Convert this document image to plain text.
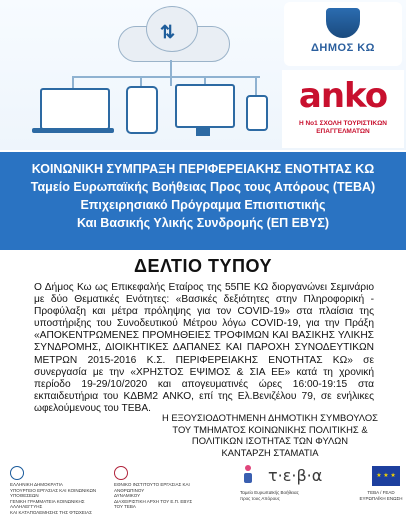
⇅
ΔΗΜΟΣ ΚΩ
anko
Η Νο1 ΣΧΟΛΗ ΤΟΥΡΙΣΤΙΚΩΝ
ΕΠΑΓΓΕΛΜΑΤΩΝ
ΚΟΙΝΩΝΙΚΗ ΣΥΜΠΡΑΞΗ ΠΕΡΙΦΕΡΕΙΑΚΗΣ ΕΝΟΤΗΤΑΣ ΚΩ
Ταμείο Ευρωπαϊκής Βοήθειας Προς τους Απόρους (ΤΕΒΑ)
Επιχειρησιακό Πρόγραμμα Επισιτιστικής
Και Βασικής Υλικής Συνδρομής (ΕΠ ΕΒΥΣ)
ΔΕΛΤΙΟ ΤΥΠΟΥ
Ο Δήμος Κω ως Επικεφαλής Εταίρος της 55ΠΕ ΚΩ διοργανώνει Σεμινάριο με δύο Θεματικές Ενότητες: «Βασικές δεξιότητες στην Πληροφορική - Προφύλαξη και μέτρα πρόληψης για τον COVID-19» στα πλαίσια της υποστήριξης του Συνοδευτικού Μέτρου λόγω COVID-19, για την Πράξη «ΑΠΟΚΕΝΤΡΩΜΕΝΕΣ ΠΡΟΜΗΘΕΙΕΣ ΤΡΟΦΙΜΩΝ ΚΑΙ ΒΑΣΙΚΗΣ ΥΛΙΚΗΣ ΣΥΝΔΡΟΜΗΣ, ΔΙΟΙΚΗΤΙΚΕΣ ΔΑΠΑΝΕΣ ΚΑΙ ΠΑΡΟΧΗ ΣΥΝΟΔΕΥΤΙΚΩΝ ΜΕΤΡΩΝ 2015-2016 Κ.Σ. ΠΕΡΙΦΕΡΕΙΑΚΗΣ ΕΝΟΤΗΤΑΣ ΚΩ» σε συνεργασία με την «ΧΡΗΣΤΟΣ ΕΨΙΜΟΣ & ΣΙΑ ΕΕ» κατά τη χρονική περίοδο 19-29/10/2020 και απογευματινές ώρες 16:00-19:15 στα εκπαιδευτήρια του ΚΔΒΜ2 ΑΝΚΟ, επί της Ελ.Βενιζέλου 79, σε ενήλικες ωφελούμενους του ΤΕΒΑ.
Η ΕΞΟΥΣΙΟΔΟΤΗΜΕΝΗ ΔΗΜΟΤΙΚΗ ΣΥΜΒΟΥΛΟΣ
ΤΟΥ ΤΜΗΜΑΤΟΣ ΚΟΙΝΩΝΙΚΗΣ ΠΟΛΙΤΙΚΗΣ &
ΠΟΛΙΤΙΚΩΝ ΙΣΟΤΗΤΑΣ ΤΩΝ ΦΥΛΩΝ
ΚΑΝΤΑΡΖΗ ΣΤΑΜΑΤΙΑ
ΕΛΛΗΝΙΚΗ ΔΗΜΟΚΡΑΤΙΑ
ΥΠΟΥΡΓΕΙΟ ΕΡΓΑΣΙΑΣ ΚΑΙ ΚΟΙΝΩΝΙΚΩΝ ΥΠΟΘΕΣΕΩΝ
ΓΕΝΙΚΗ ΓΡΑΜΜΑΤΕΙΑ ΚΟΙΝΩΝΙΚΗΣ ΑΛΛΗΛΕΓΓΥΗΣ
ΚΑΙ ΚΑΤΑΠΟΛΕΜΗΣΗΣ ΤΗΣ ΦΤΩΧΕΙΑΣ
ΕΘΝΙΚΟ ΙΝΣΤΙΤΟΥΤΟ ΕΡΓΑΣΙΑΣ ΚΑΙ ΑΝΘΡΩΠΙΝΟΥ
ΔΥΝΑΜΙΚΟΥ
ΔΙΑΧΕΙΡΙΣΤΙΚΗ ΑΡΧΗ ΤΟΥ Ε.Π. ΕΒΥΣ
ΤΟΥ ΤΕΒΑ
τ·ε·β·α
Ταμείο Ευρωπαϊκής Βοήθειας
προς τους Απόρους
★ ★ ★
ΤΕΒΑ / FEAD
ΕΥΡΩΠΑΪΚΗ ΕΝΩΣΗ
